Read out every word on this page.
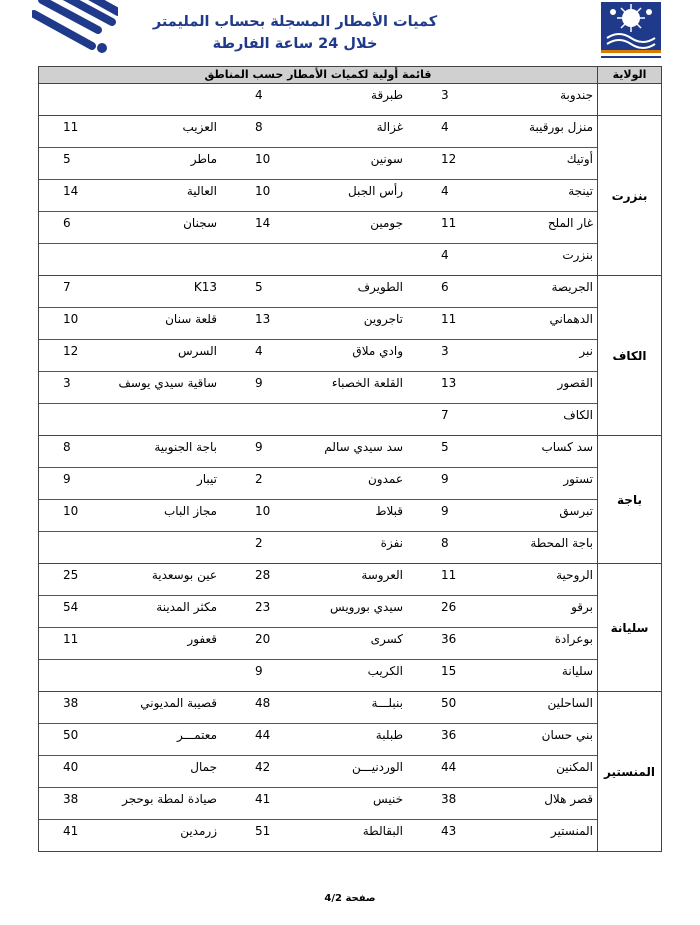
كميات الأمطار المسجلة بحساب المليمتر
خلال 24 ساعة الفارطة
الولاية
قائمة أولية لكميات الأمطار حسب المناطق
جندوبة
3
طبرقة
4
منزل بورقيبة
4
غزالة
8
العزيب
11
أوتيك
12
سونين
10
ماطر
5
تينجة
4
رأس الجبل
10
العالية
14
غار الملح
11
جومين
14
سجنان
6
بنزرت
4
الجريصة
6
الطويرف
5
K13
7
الدهماني
11
تاجروين
13
قلعة سنان
10
نبر
3
وادي ملاق
4
السرس
12
القصور
13
القلعة الخصباء
9
ساقية سيدي يوسف
3
الكاف
7
سد كساب
5
سد سيدي سالم
9
باجة الجنوبية
8
تستور
9
عمدون
2
تيبار
9
تبرسق
9
قبلاط
10
مجاز الباب
10
باجة المحطة
8
نفزة
2
الروحية
11
العروسة
28
عين بوسعدية
25
برقو
26
سيدي بورويس
23
مكثر المدينة
54
بوعرادة
36
كسرى
20
قعفور
11
سليانة
15
الكريب
9
الساحلين
50
بنبلـــة
48
قصيبة المديوني
38
بني حسان
36
طبلبة
44
معتمـــر
50
المكنين
44
الوردنيـــن
42
جمال
40
قصر هلال
38
خنيس
41
صيادة لمطة بوحجر
38
المنستير
43
البقالطة
51
زرمدين
41
بنزرت
الكاف
باجة
سليانة
المنستير
صفحة 4/2
